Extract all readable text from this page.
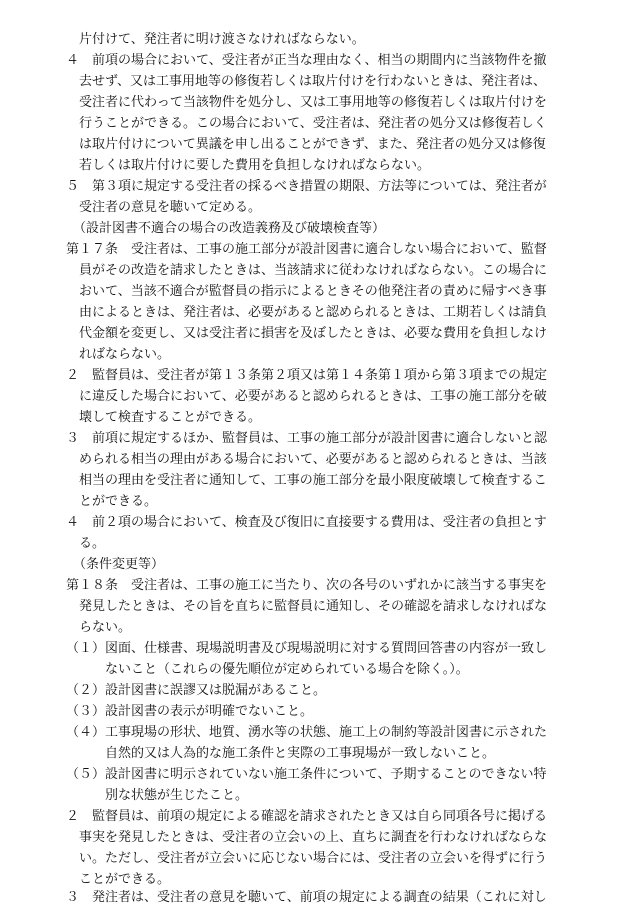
片付けて、発注者に明け渡さなければならない。
４　前項の場合において、受注者が正当な理由なく、相当の期間内に当該物件を撤
去せず、又は工事用地等の修復若しくは取片付けを行わないときは、発注者は、
受注者に代わって当該物件を処分し、又は工事用地等の修復若しくは取片付けを
行うことができる。この場合において、受注者は、発注者の処分又は修復若しく
は取片付けについて異議を申し出ることができず、また、発注者の処分又は修復
若しくは取片付けに要した費用を負担しなければならない。
５　第３項に規定する受注者の採るべき措置の期限、方法等については、発注者が
受注者の意見を聴いて定める。
（設計図書不適合の場合の改造義務及び破壊検査等）
第１７条　受注者は、工事の施工部分が設計図書に適合しない場合において、監督
員がその改造を請求したときは、当該請求に従わなければならない。この場合に
おいて、当該不適合が監督員の指示によるときその他発注者の責めに帰すべき事
由によるときは、発注者は、必要があると認められるときは、工期若しくは請負
代金額を変更し、又は受注者に損害を及ぼしたときは、必要な費用を負担しなけ
ればならない。
２　監督員は、受注者が第１３条第２項又は第１４条第１項から第３項までの規定
に違反した場合において、必要があると認められるときは、工事の施工部分を破
壊して検査することができる。
３　前項に規定するほか、監督員は、工事の施工部分が設計図書に適合しないと認
められる相当の理由がある場合において、必要があると認められるときは、当該
相当の理由を受注者に通知して、工事の施工部分を最小限度破壊して検査するこ
とができる。
４　前２項の場合において、検査及び復旧に直接要する費用は、受注者の負担とす
る。
（条件変更等）
第１８条　受注者は、工事の施工に当たり、次の各号のいずれかに該当する事実を
発見したときは、その旨を直ちに監督員に通知し、その確認を請求しなければな
らない。
（１）図面、仕様書、現場説明書及び現場説明に対する質問回答書の内容が一致し
ないこと（これらの優先順位が定められている場合を除く。）。
（２）設計図書に誤謬又は脱漏があること。
（３）設計図書の表示が明確でないこと。
（４）工事現場の形状、地質、湧水等の状態、施工上の制約等設計図書に示された
自然的又は人為的な施工条件と実際の工事現場が一致しないこと。
（５）設計図書に明示されていない施工条件について、予期することのできない特
別な状態が生じたこと。
２　監督員は、前項の規定による確認を請求されたとき又は自ら同項各号に掲げる
事実を発見したときは、受注者の立会いの上、直ちに調査を行わなければならな
い。ただし、受注者が立会いに応じない場合には、受注者の立会いを得ずに行う
ことができる。
３　発注者は、受注者の意見を聴いて、前項の規定による調査の結果（これに対し
